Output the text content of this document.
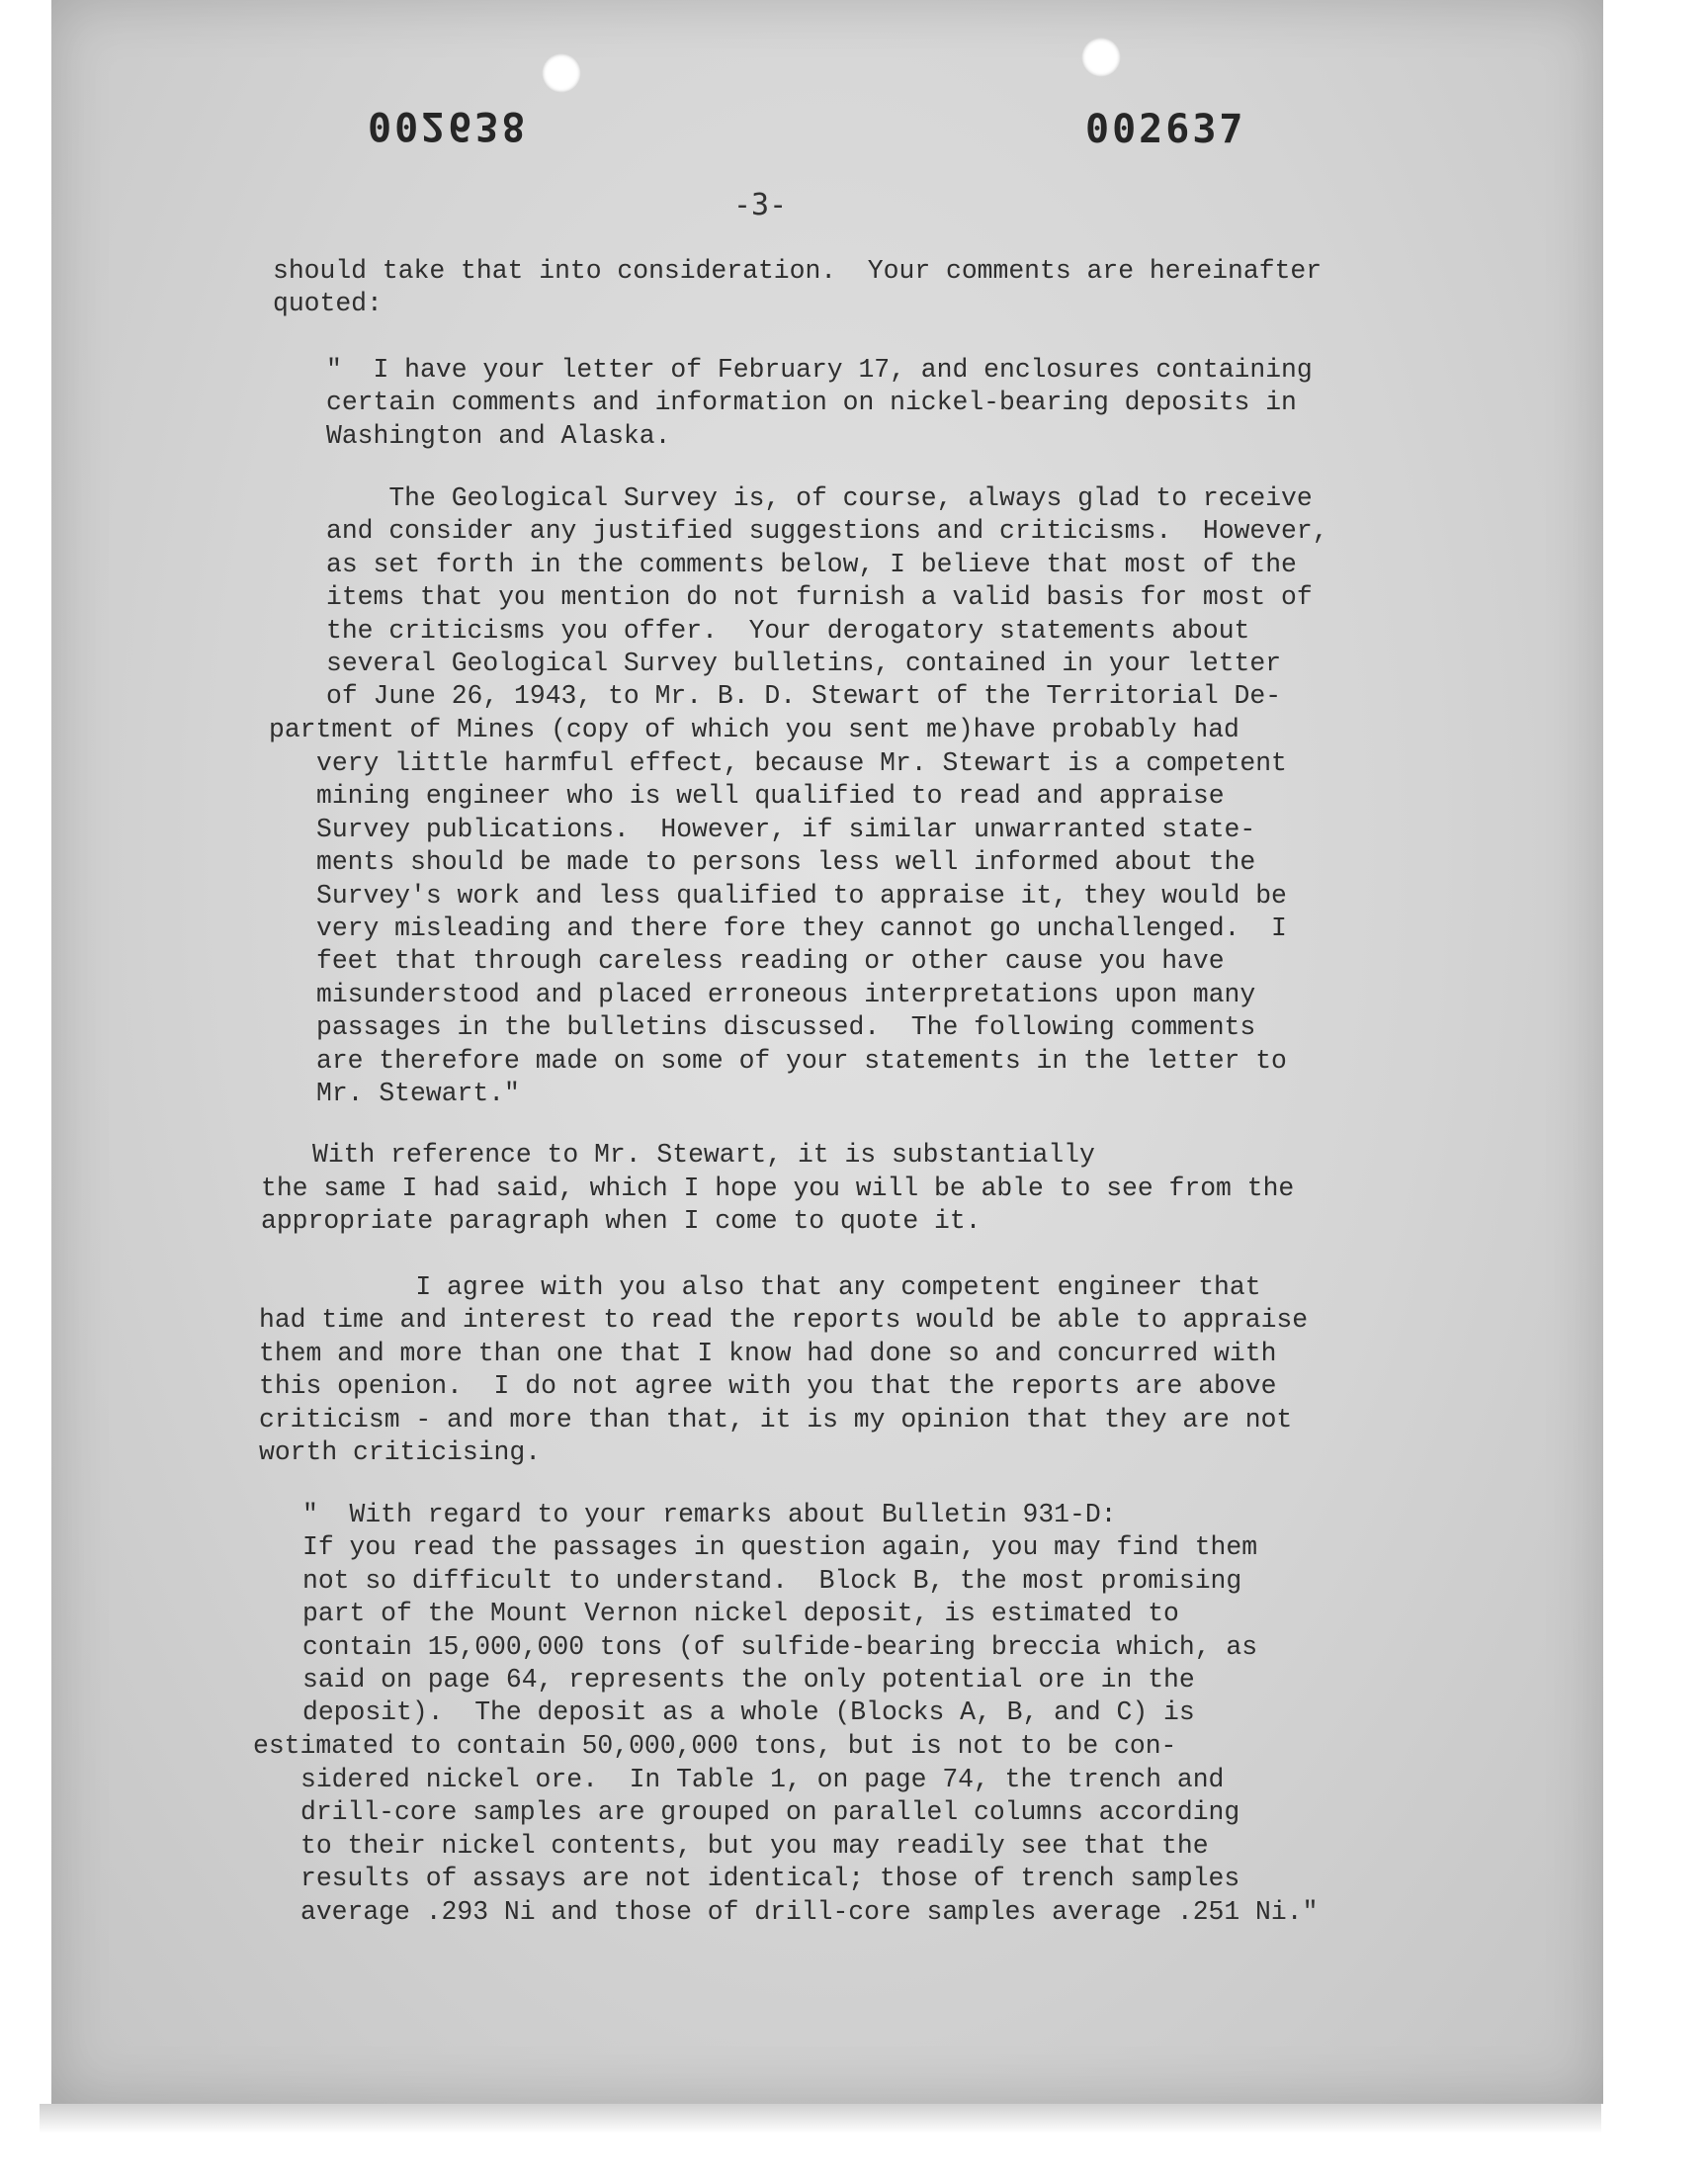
002638	002637
-3-
should take that into consideration.  Your comments are hereinafter
quoted:
"  I have your letter of February 17, and enclosures containing
certain comments and information on nickel-bearing deposits in
Washington and Alaska.
The Geological Survey is, of course, always glad to receive
and consider any justified suggestions and criticisms.  However,
as set forth in the comments below, I believe that most of the
items that you mention do not furnish a valid basis for most of
the criticisms you offer.  Your derogatory statements about
several Geological Survey bulletins, contained in your letter
of June 26, 1943, to Mr. B. D. Stewart of the Territorial De-
partment of Mines (copy of which you sent me)have probably had
very little harmful effect, because Mr. Stewart is a competent
mining engineer who is well qualified to read and appraise
Survey publications.  However, if similar unwarranted state-
ments should be made to persons less well informed about the
Survey's work and less qualified to appraise it, they would be
very misleading and there fore they cannot go unchallenged.  I
feet that through careless reading or other cause you have
misunderstood and placed erroneous interpretations upon many
passages in the bulletins discussed.  The following comments
are therefore made on some of your statements in the letter to
Mr. Stewart."
With reference to Mr. Stewart, it is substantially
the same I had said, which I hope you will be able to see from the
appropriate paragraph when I come to quote it.
I agree with you also that any competent engineer that
had time and interest to read the reports would be able to appraise
them and more than one that I know had done so and concurred with
this openion.  I do not agree with you that the reports are above
criticism - and more than that, it is my opinion that they are not
worth criticising.
"  With regard to your remarks about Bulletin 931-D:
If you read the passages in question again, you may find them
not so difficult to understand.  Block B, the most promising
part of the Mount Vernon nickel deposit, is estimated to
contain 15,000,000 tons (of sulfide-bearing breccia which, as
said on page 64, represents the only potential ore in the
deposit).  The deposit as a whole (Blocks A, B, and C) is
estimated to contain 50,000,000 tons, but is not to be con-
sidered nickel ore.  In Table 1, on page 74, the trench and
drill-core samples are grouped on parallel columns according
to their nickel contents, but you may readily see that the
results of assays are not identical; those of trench samples
average .293 Ni and those of drill-core samples average .251 Ni."
